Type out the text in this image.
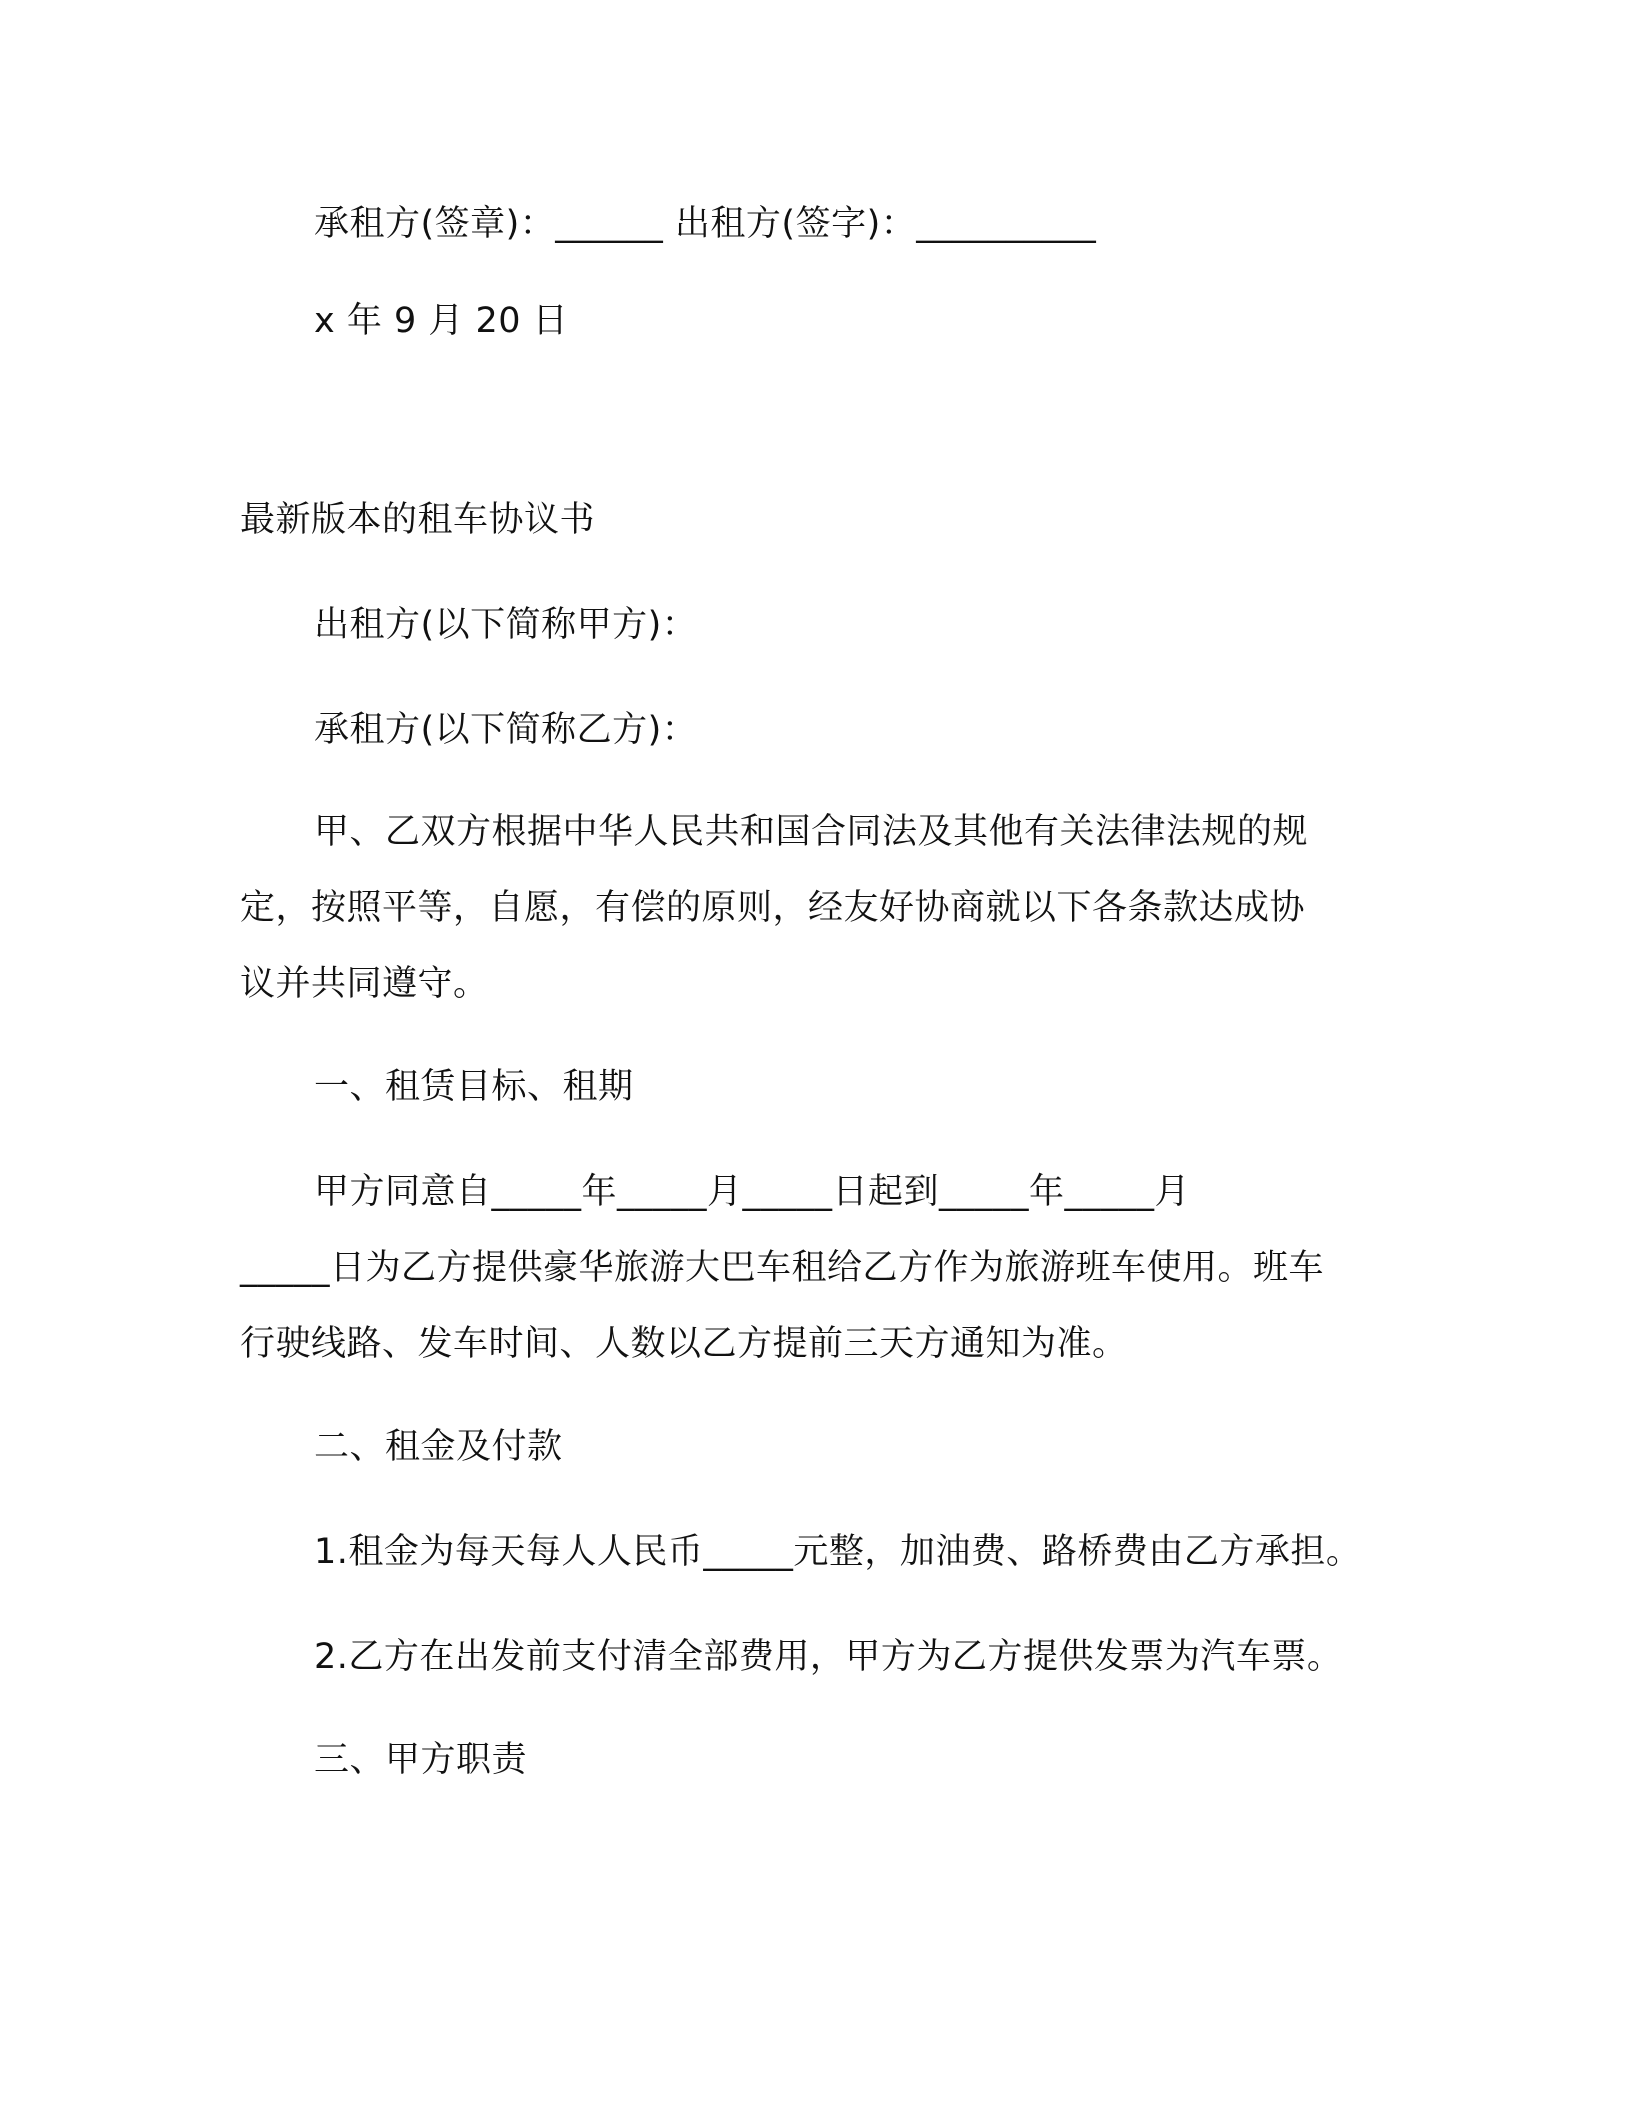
承租方(签章)：______ 出租方(签字)：__________
x 年 9 月 20 日
最新版本的租车协议书
出租方(以下简称甲方)：
承租方(以下简称乙方)：
甲、乙双方根据中华人民共和国合同法及其他有关法律法规的规
定，按照平等，自愿，有偿的原则，经友好协商就以下各条款达成协
议并共同遵守。
一、租赁目标、租期
甲方同意自_____年_____月_____日起到_____年_____月
_____日为乙方提供豪华旅游大巴车租给乙方作为旅游班车使用。班车
行驶线路、发车时间、人数以乙方提前三天方通知为准。
二、租金及付款
1.租金为每天每人人民币_____元整，加油费、路桥费由乙方承担。
2.乙方在出发前支付清全部费用，甲方为乙方提供发票为汽车票。
三、甲方职责
